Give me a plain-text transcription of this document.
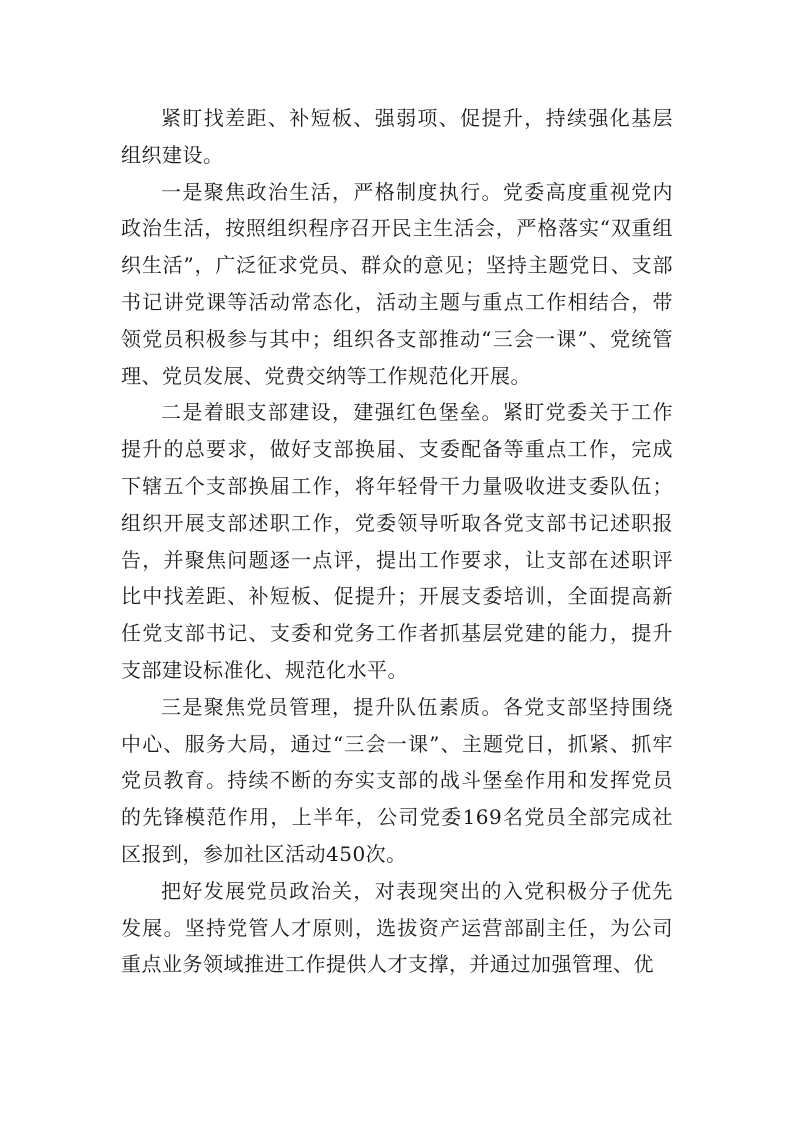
紧盯找差距、补短板、强弱项、促提升，持续强化基层组织建设。

一是聚焦政治生活，严格制度执行。党委高度重视党内政治生活，按照组织程序召开民主生活会，严格落实“双重组织生活”，广泛征求党员、群众的意见；坚持主题党日、支部书记讲党课等活动常态化，活动主题与重点工作相结合，带领党员积极参与其中；组织各支部推动“三会一课”、党统管理、党员发展、党费交纳等工作规范化开展。

二是着眼支部建设，建强红色堡垒。紧盯党委关于工作提升的总要求，做好支部换届、支委配备等重点工作，完成下辖五个支部换届工作，将年轻骨干力量吸收进支委队伍；组织开展支部述职工作，党委领导听取各党支部书记述职报告，并聚焦问题逐一点评，提出工作要求，让支部在述职评比中找差距、补短板、促提升；开展支委培训，全面提高新任党支部书记、支委和党务工作者抓基层党建的能力，提升支部建设标准化、规范化水平。

三是聚焦党员管理，提升队伍素质。各党支部坚持围绕中心、服务大局，通过“三会一课”、主题党日，抓紧、抓牢党员教育。持续不断的夯实支部的战斗堡垒作用和发挥党员的先锋模范作用，上半年，公司党委169名党员全部完成社区报到，参加社区活动450次。

把好发展党员政治关，对表现突出的入党积极分子优先发展。坚持党管人才原则，选拔资产运营部副主任，为公司重点业务领域推进工作提供人才支撑，并通过加强管理、优
